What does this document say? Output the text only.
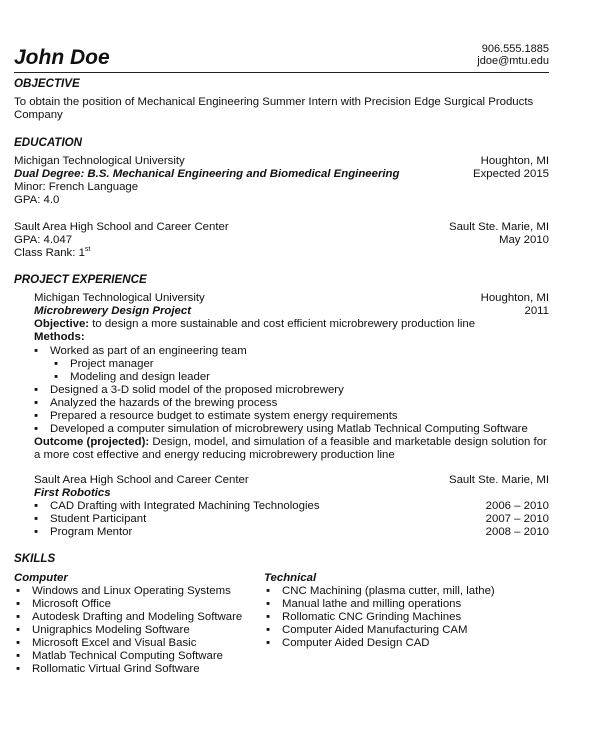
John Doe	906.555.1885
jdoe@mtu.edu
OBJECTIVE
To obtain the position of Mechanical Engineering Summer Intern with Precision Edge Surgical Products
Company
EDUCATION
Michigan Technological University	Houghton, MI
Dual Degree: B.S. Mechanical Engineering and Biomedical Engineering	Expected 2015
Minor: French Language
GPA: 4.0
Sault Area High School and Career Center	Sault Ste. Marie, MI
GPA: 4.047	May 2010
Class Rank: 1st
PROJECT EXPERIENCE
Michigan Technological University	Houghton, MI
Microbrewery Design Project	2011
Objective: to design a more sustainable and cost efficient microbrewery production line
Methods:
▪ Worked as part of an engineering team
▪ Project manager
▪ Modeling and design leader
▪ Designed a 3-D solid model of the proposed microbrewery
▪ Analyzed the hazards of the brewing process
▪ Prepared a resource budget to estimate system energy requirements
▪ Developed a computer simulation of microbrewery using Matlab Technical Computing Software
Outcome (projected): Design, model, and simulation of a feasible and marketable design solution for
a more cost effective and energy reducing microbrewery production line
Sault Area High School and Career Center	Sault Ste. Marie, MI
First Robotics
▪ CAD Drafting with Integrated Machining Technologies	2006 – 2010
▪ Student Participant	2007 – 2010
▪ Program Mentor	2008 – 2010
SKILLS
Computer
▪ Windows and Linux Operating Systems
▪ Microsoft Office
▪ Autodesk Drafting and Modeling Software
▪ Unigraphics Modeling Software
▪ Microsoft Excel and Visual Basic
▪ Matlab Technical Computing Software
▪ Rollomatic Virtual Grind Software
Technical
▪ CNC Machining (plasma cutter, mill, lathe)
▪ Manual lathe and milling operations
▪ Rollomatic CNC Grinding Machines
▪ Computer Aided Manufacturing CAM
▪ Computer Aided Design CAD
